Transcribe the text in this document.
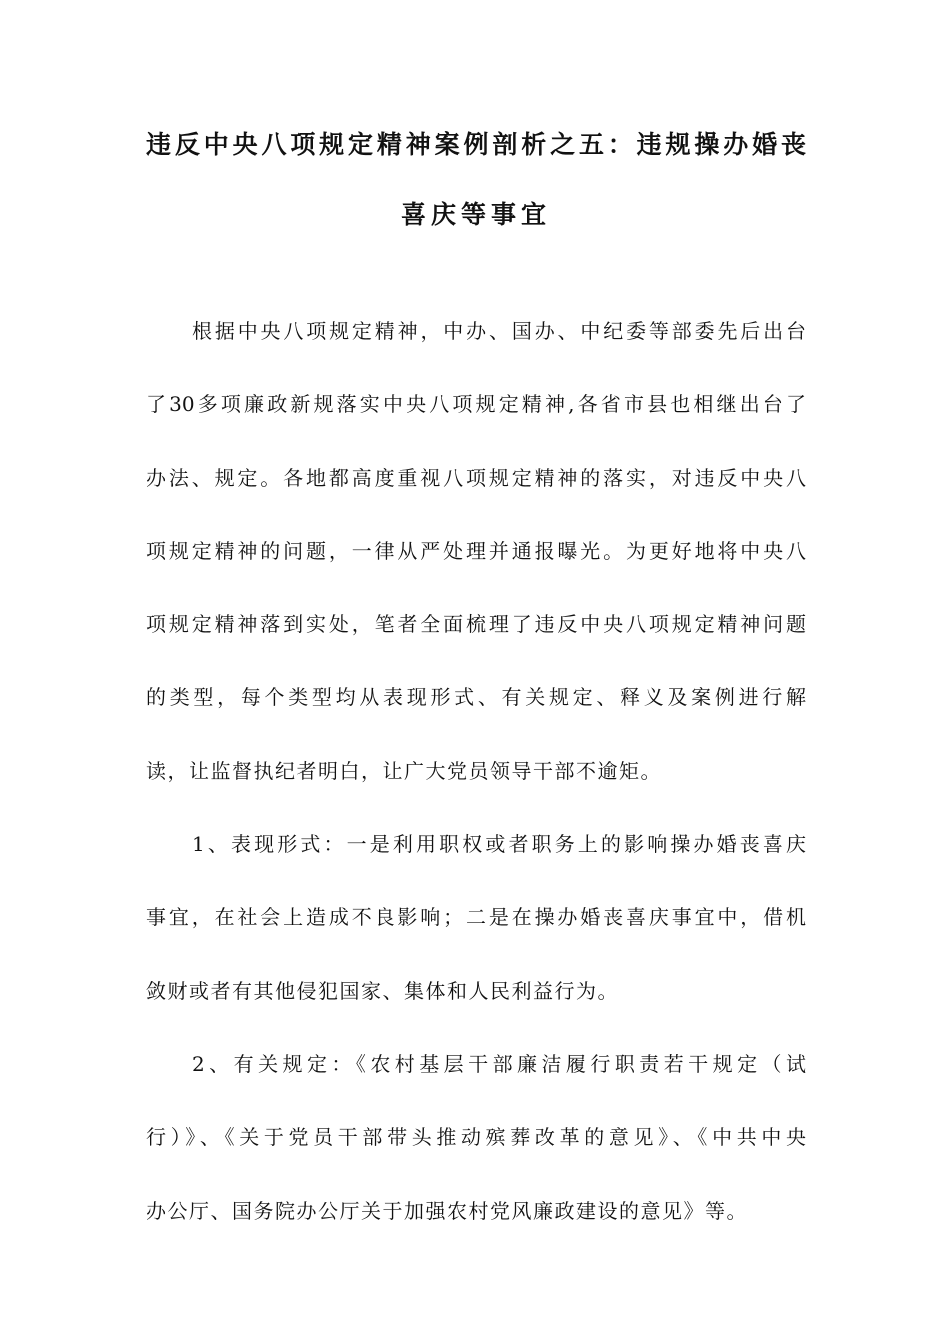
违反中央八项规定精神案例剖析之五：违规操办婚丧
喜庆等事宜
根据中央八项规定精神，中办、国办、中纪委等部委先后出台
了30多项廉政新规落实中央八项规定精神,各省市县也相继出台了
办法、规定。各地都高度重视八项规定精神的落实，对违反中央八
项规定精神的问题，一律从严处理并通报曝光。为更好地将中央八
项规定精神落到实处，笔者全面梳理了违反中央八项规定精神问题
的类型，每个类型均从表现形式、有关规定、释义及案例进行解
读，让监督执纪者明白，让广大党员领导干部不逾矩。
1、表现形式：一是利用职权或者职务上的影响操办婚丧喜庆
事宜，在社会上造成不良影响；二是在操办婚丧喜庆事宜中，借机
敛财或者有其他侵犯国家、集体和人民利益行为。
2、有关规定：《农村基层干部廉洁履行职责若干规定（试
行）》、《关于党员干部带头推动殡葬改革的意见》、《中共中央
办公厅、国务院办公厅关于加强农村党风廉政建设的意见》等。
